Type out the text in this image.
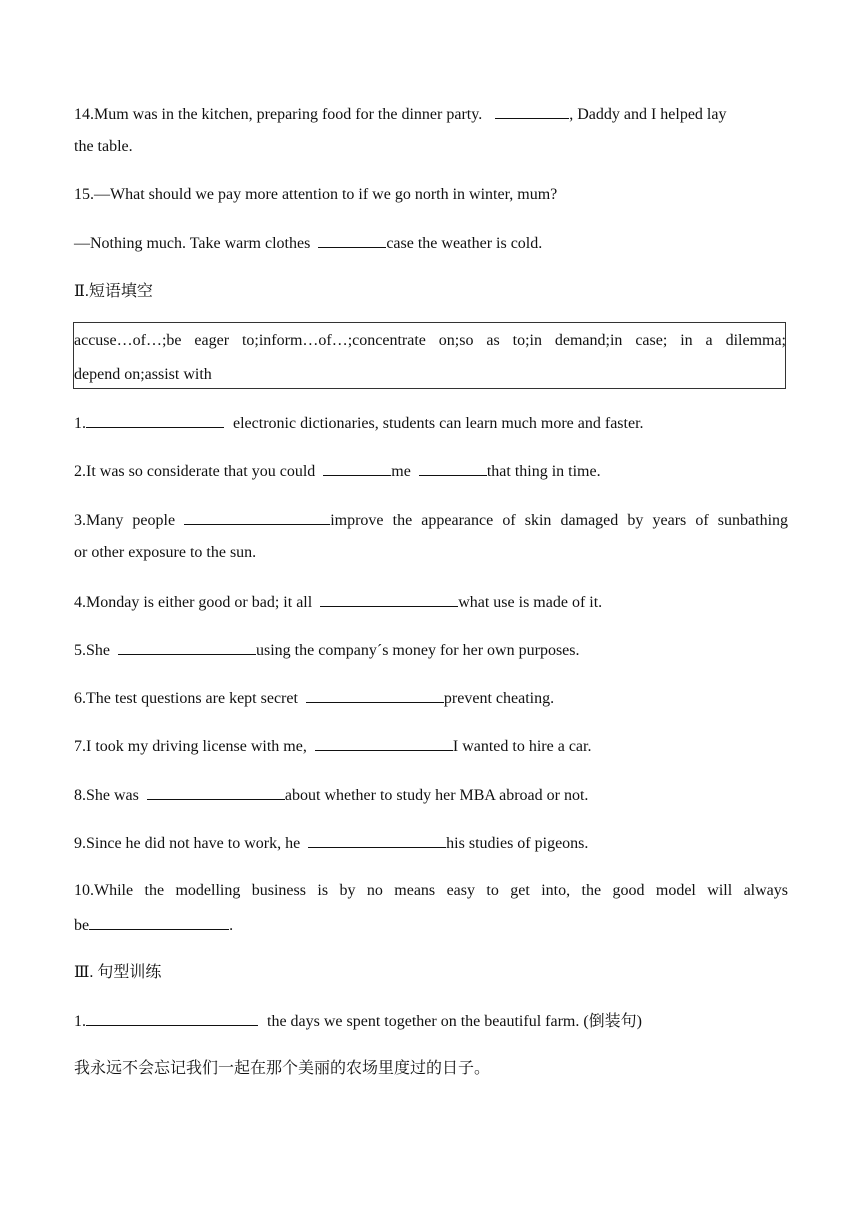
14.Mum was in the kitchen, preparing food for the dinner party.	, Daddy and I helped lay
the table.
15.—What should we pay more attention to if we go north in winter, mum?
—Nothing much. Take warm clothes	case the weather is cold.
Ⅱ.短语填空
accuse…of…;be eager to;inform…of…;concentrate on;so as to;in demand;in case; in a dilemma;
depend on;assist with
1.	electronic dictionaries, students can learn much more and faster.
2.It was so considerate that you could	me	that thing in time.
3.Many people	improve the appearance of skin damaged by years of sunbathing
or other exposure to the sun.
4.Monday is either good or bad; it all	what use is made of it.
5.She	using the company´s money for her own purposes.
6.The test questions are kept secret	prevent cheating.
7.I took my driving license with me,	I wanted to hire a car.
8.She was	about whether to study her MBA abroad or not.
9.Since he did not have to work, he	his studies of pigeons.
10.While the modelling business is by no means easy to get into, the good model will always
be	.
Ⅲ. 句型训练
1.	the days we spent together on the beautiful farm. (倒装句)
我永远不会忘记我们一起在那个美丽的农场里度过的日子。
